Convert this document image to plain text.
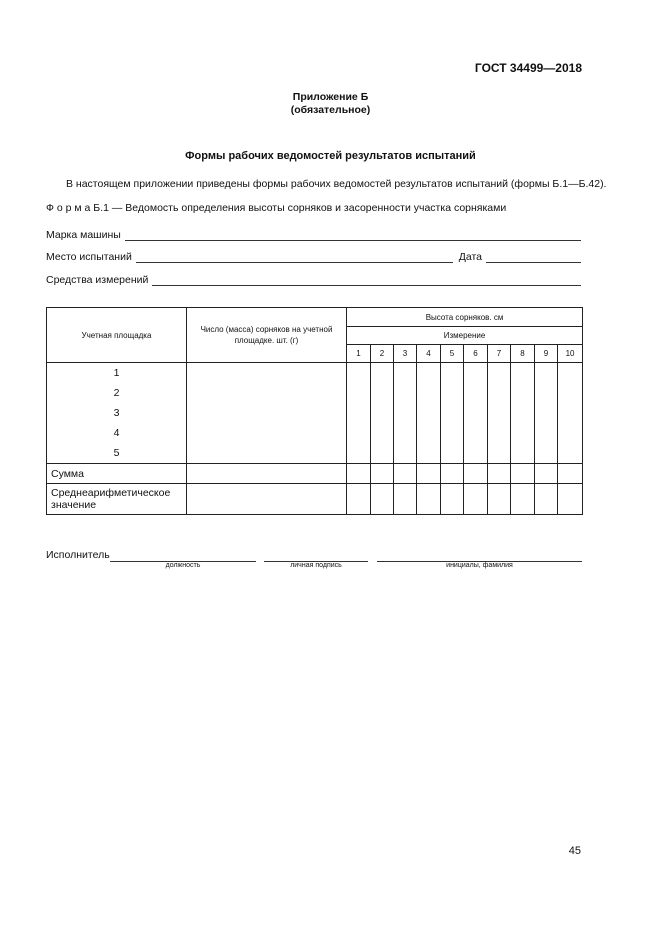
ГОСТ 34499—2018
Приложение Б
(обязательное)
Формы рабочих ведомостей результатов испытаний
В настоящем приложении приведены формы рабочих ведомостей результатов испытаний (формы Б.1—Б.42).
Ф о р м а Б.1 — Ведомость определения высоты сорняков и засоренности участка сорняками
Марка машины
Место испытаний	Дата
Средства измерений
Учетная площадка	Число (масса) сорняков на учетной площадке. шт. (г)	Высота сорняков. см									
		Измерение									
		1	2	3	4	5	6	7	8	9	10

1
2
3
4
5											

Сумма											
Среднеарифметическое значение											
Исполнитель
должность	личная подпись	инициалы, фамилия
45
